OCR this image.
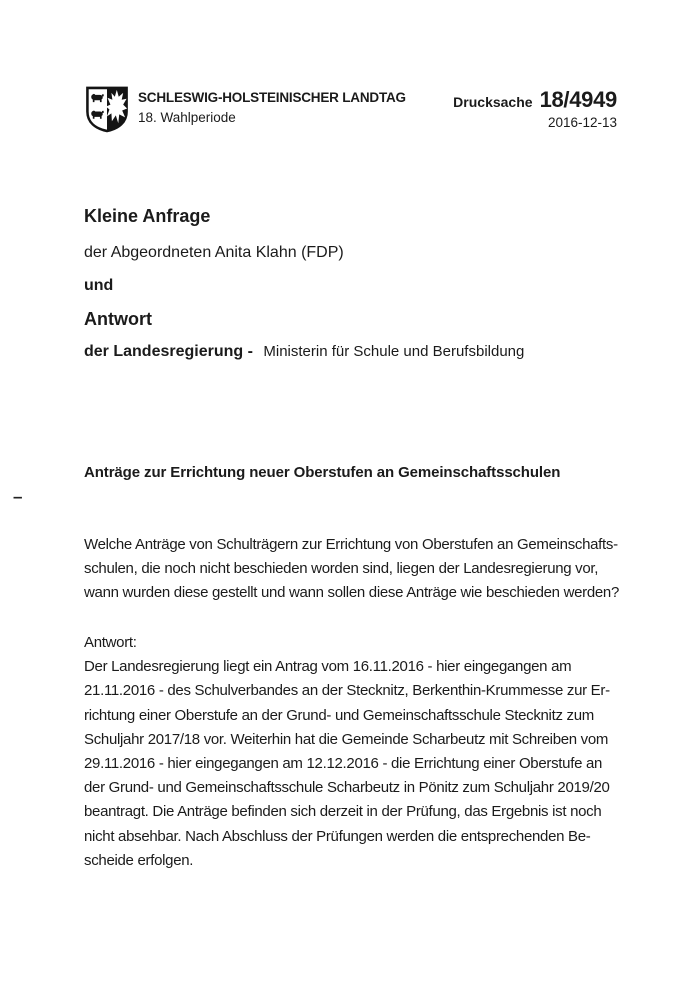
SCHLESWIG-HOLSTEINISCHER LANDTAG
18. Wahlperiode
Drucksache 18/4949
2016-12-13
Kleine Anfrage
der Abgeordneten Anita Klahn (FDP)
und
Antwort
der Landesregierung - Ministerin für Schule und Berufsbildung
Anträge zur Errichtung neuer Oberstufen an Gemeinschaftsschulen
–
Welche Anträge von Schulträgern zur Errichtung von Oberstufen an Gemeinschafts-
schulen, die noch nicht beschieden worden sind, liegen der Landesregierung vor,
wann wurden diese gestellt und wann sollen diese Anträge wie beschieden werden?
Antwort:
Der Landesregierung liegt ein Antrag vom 16.11.2016 - hier eingegangen am
21.11.2016 - des Schulverbandes an der Stecknitz, Berkenthin-Krummesse zur Er-
richtung einer Oberstufe an der Grund- und Gemeinschaftsschule Stecknitz zum
Schuljahr 2017/18 vor. Weiterhin hat die Gemeinde Scharbeutz mit Schreiben vom
29.11.2016 - hier eingegangen am 12.12.2016 - die Errichtung einer Oberstufe an
der Grund- und Gemeinschaftsschule Scharbeutz in Pönitz zum Schuljahr 2019/20
beantragt. Die Anträge befinden sich derzeit in der Prüfung, das Ergebnis ist noch
nicht absehbar. Nach Abschluss der Prüfungen werden die entsprechenden Be-
scheide erfolgen.
